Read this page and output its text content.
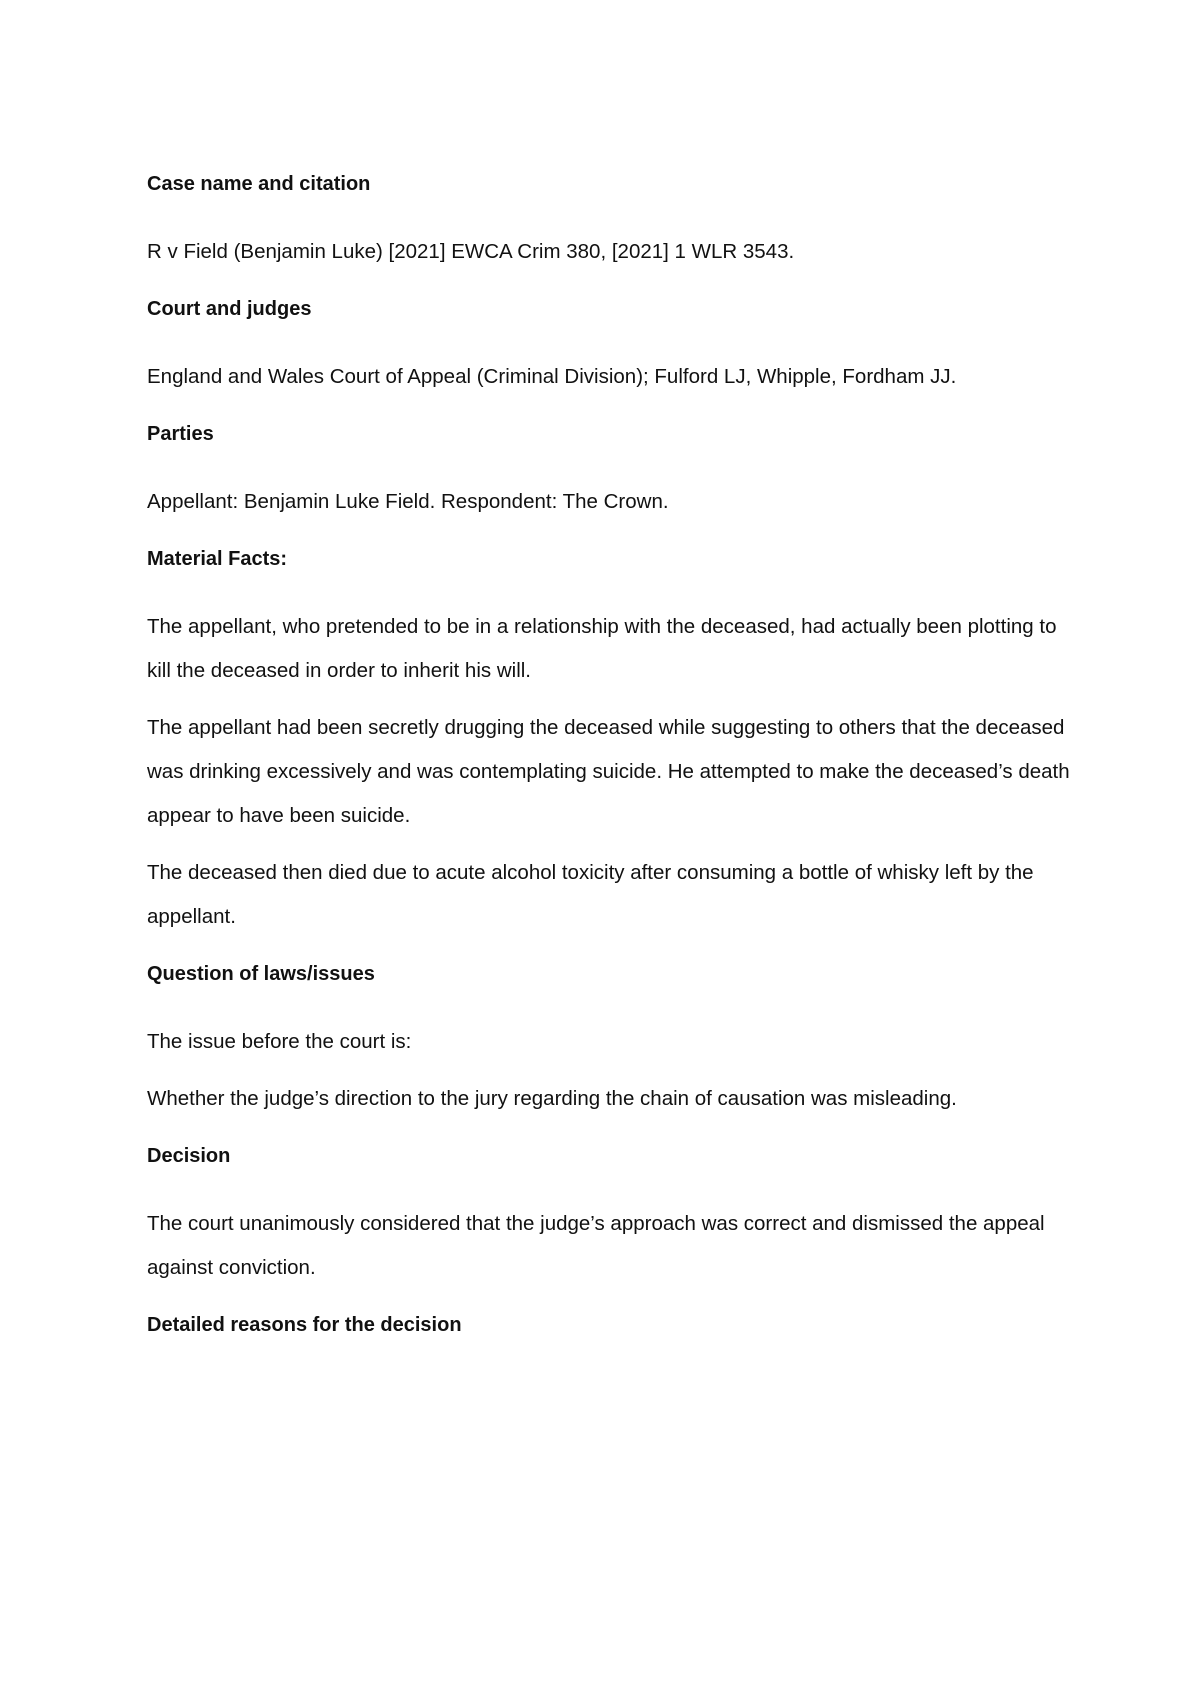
Case name and citation

R v Field (Benjamin Luke) [2021] EWCA Crim 380, [2021] 1 WLR 3543.

Court and judges

England and Wales Court of Appeal (Criminal Division); Fulford LJ, Whipple, Fordham JJ.

Parties

Appellant: Benjamin Luke Field. Respondent: The Crown.

Material Facts:

The appellant, who pretended to be in a relationship with the deceased, had actually been plotting to kill the deceased in order to inherit his will.

The appellant had been secretly drugging the deceased while suggesting to others that the deceased was drinking excessively and was contemplating suicide. He attempted to make the deceased’s death appear to have been suicide.

The deceased then died due to acute alcohol toxicity after consuming a bottle of whisky left by the appellant.

Question of laws/issues

The issue before the court is:

Whether the judge’s direction to the jury regarding the chain of causation was misleading.

Decision

The court unanimously considered that the judge’s approach was correct and dismissed the appeal against conviction.

Detailed reasons for the decision
